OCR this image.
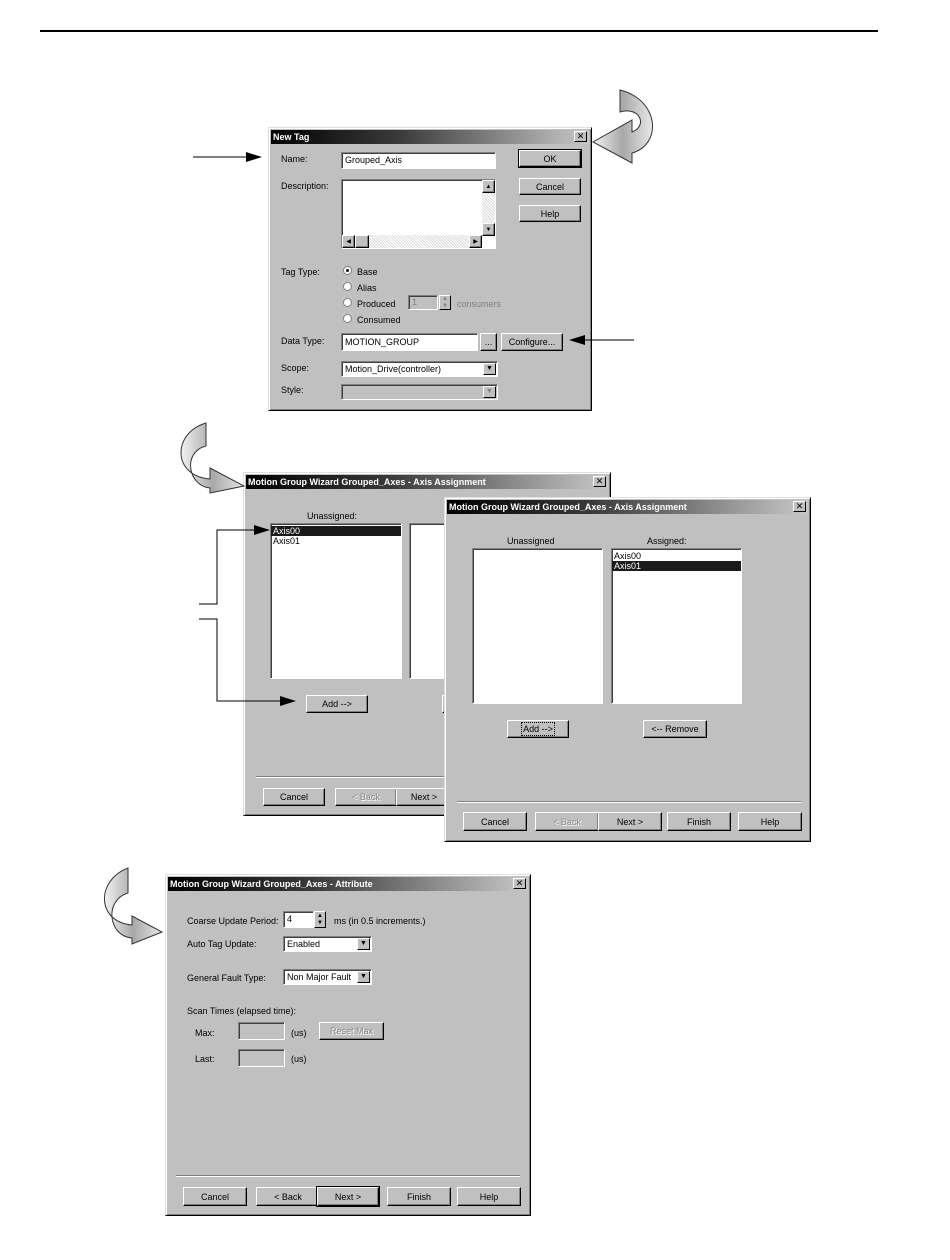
New Tag	✕
Name:	Grouped_Axis	OK
Cancel
Help
Description:	▲
▼
◀	▶
Tag Type:	Base
Alias
Produced	1	▲
▼ consumers
Consumed
Data Type:	MOTION_GROUP	... Configure...
Scope:	Motion_Drive(controller)	▼
Style:	▼
Motion Group Wizard Grouped_Axes - Axis Assignment	✕
Unassigned:
Axis00
Axis01
Add -->
Cancel	< Back	Next >
Motion Group Wizard Grouped_Axes - Axis Assignment	✕
Unassigned	Assigned:
Axis00
Axis01
Add -->	<-- Remove
Cancel	< Back	Next >	Finish	Help
Motion Group Wizard Grouped_Axes - Attribute	✕
Coarse Update Period: 4	▲
▼ ms (in 0.5 increments.)
Auto Tag Update:	Enabled	▼
General Fault Type:	Non Major Fault	▼
Scan Times (elapsed time):
Max:	(us)	Reset Max
Last:	(us)
Cancel	< Back	Next >	Finish	Help
